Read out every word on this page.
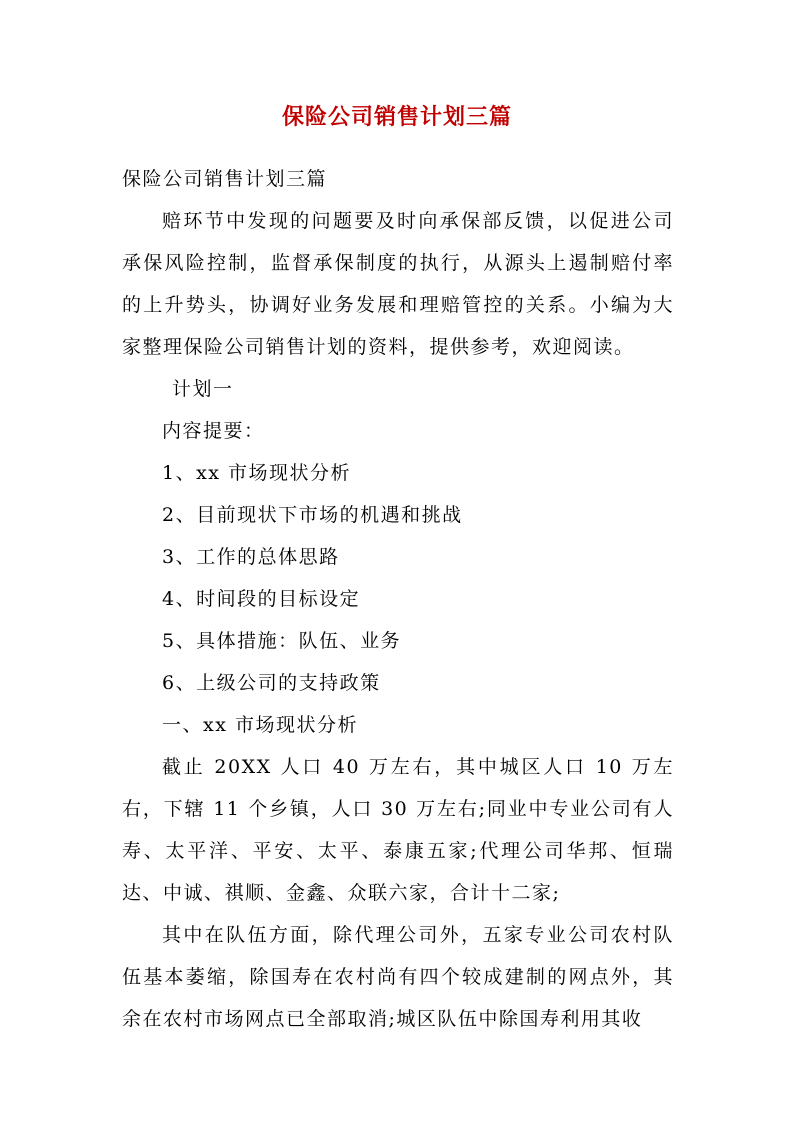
保险公司销售计划三篇
保险公司销售计划三篇

赔环节中发现的问题要及时向承保部反馈，以促进公司承保风险控制，监督承保制度的执行，从源头上遏制赔付率的上升势头，协调好业务发展和理赔管控的关系。小编为大家整理保险公司销售计划的资料，提供参考，欢迎阅读。

计划一
内容提要：
1、xx 市场现状分析
2、目前现状下市场的机遇和挑战
3、工作的总体思路
4、时间段的目标设定
5、具体措施：队伍、业务
6、上级公司的支持政策
一、xx 市场现状分析

截止 20XX 人口 40 万左右，其中城区人口 10 万左右，下辖 11 个乡镇，人口 30 万左右;同业中专业公司有人寿、太平洋、平安、太平、泰康五家;代理公司华邦、恒瑞达、中诚、祺顺、金鑫、众联六家，合计十二家;

其中在队伍方面，除代理公司外，五家专业公司农村队伍基本萎缩，除国寿在农村尚有四个较成建制的网点外，其余在农村市场网点已全部取消;城区队伍中除国寿利用其收
